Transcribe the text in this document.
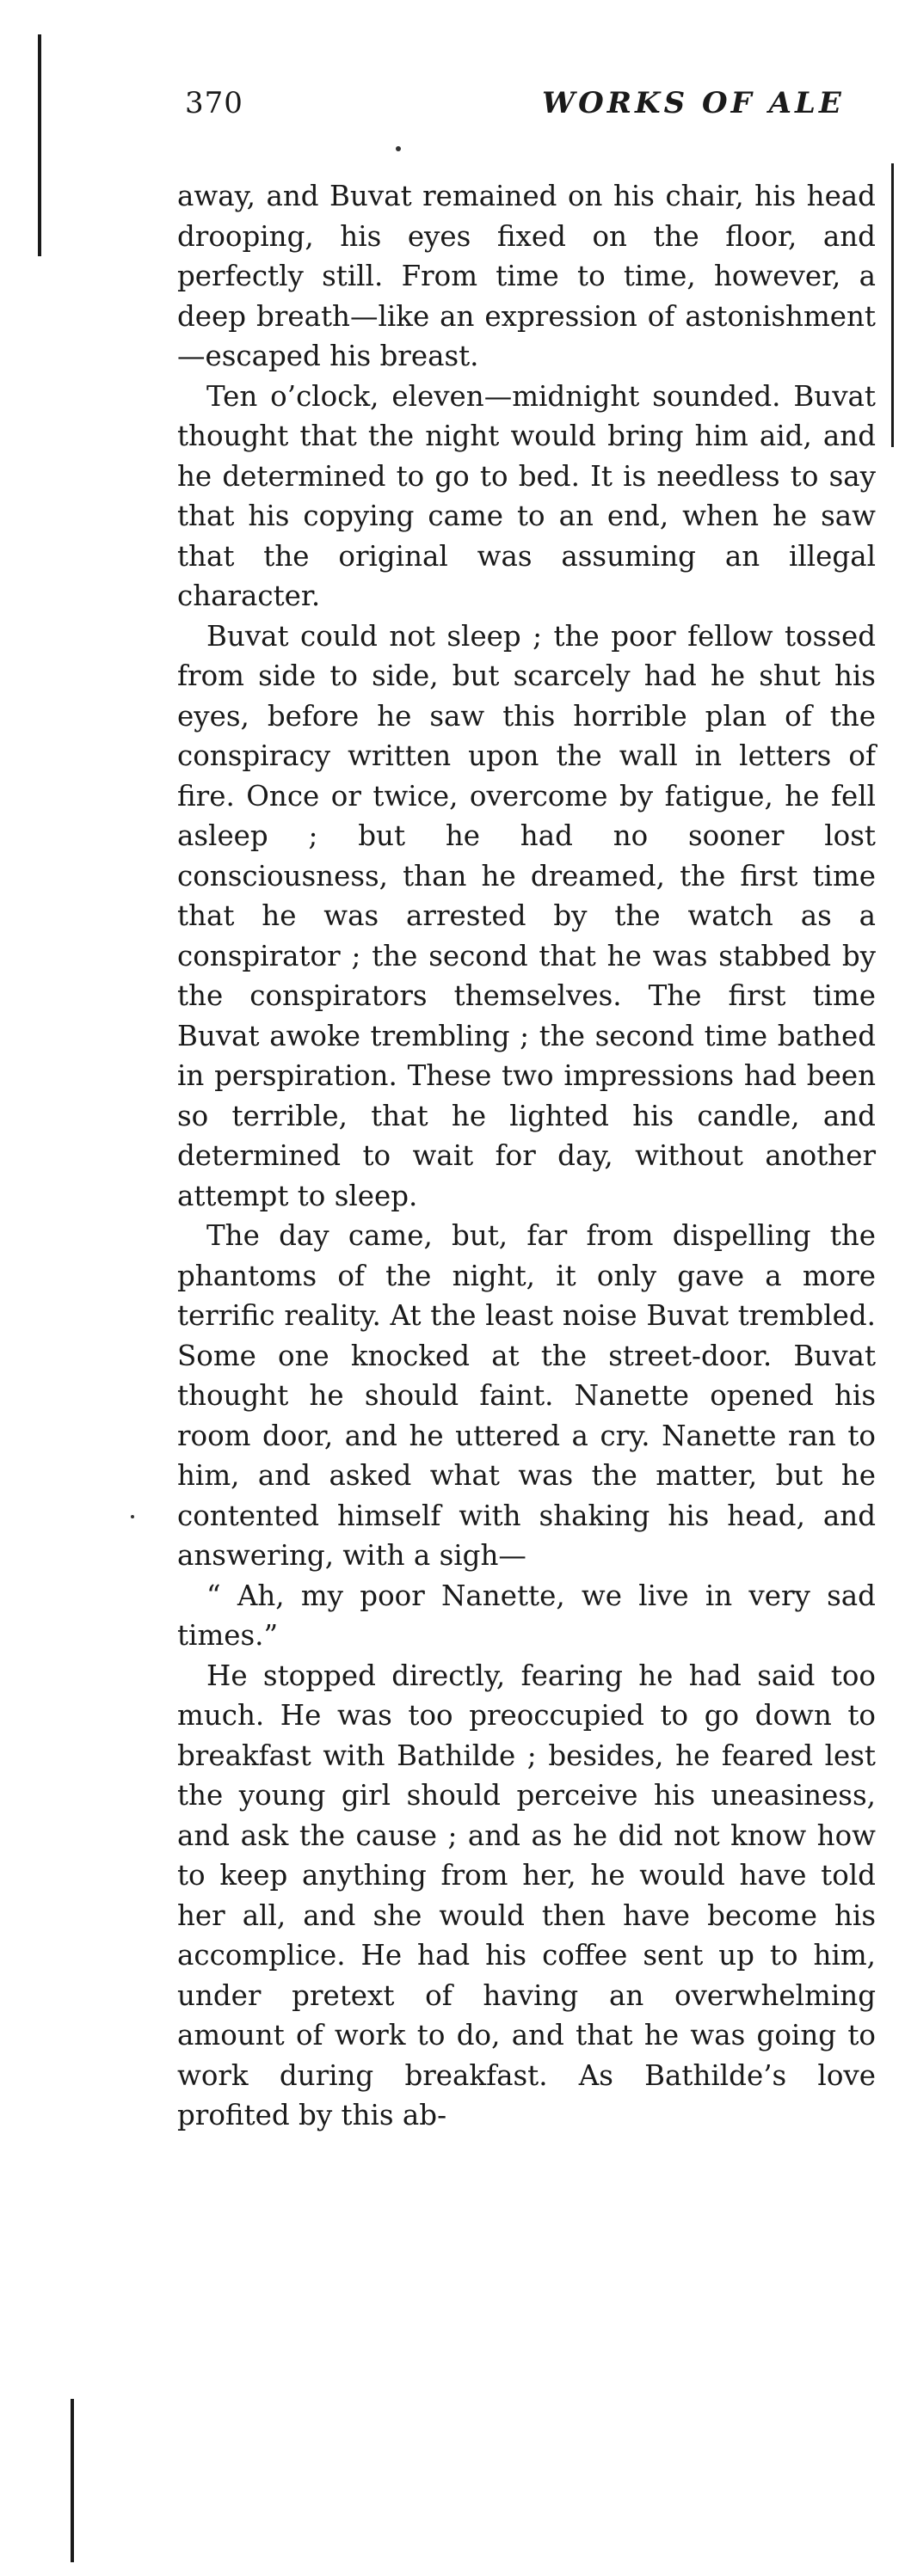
370	WORKS OF ALE

away, and Buvat remained on his chair, his head drooping, his eyes fixed on the floor, and perfectly still. From time to time, however, a deep breath—like an expression of astonishment—escaped his breast.

Ten o’clock, eleven—midnight sounded. Buvat thought that the night would bring him aid, and he determined to go to bed. It is needless to say that his copying came to an end, when he saw that the original was assuming an illegal character.

Buvat could not sleep ; the poor fellow tossed from side to side, but scarcely had he shut his eyes, before he saw this horrible plan of the conspiracy written upon the wall in letters of fire. Once or twice, overcome by fatigue, he fell asleep ; but he had no sooner lost consciousness, than he dreamed, the first time that he was arrested by the watch as a conspirator ; the second that he was stabbed by the conspirators themselves. The first time Buvat awoke trembling ; the second time bathed in perspiration. These two impressions had been so terrible, that he lighted his candle, and determined to wait for day, without another attempt to sleep.

The day came, but, far from dispelling the phantoms of the night, it only gave a more terrific reality. At the least noise Buvat trembled. Some one knocked at the street-door. Buvat thought he should faint. Nanette opened his room door, and he uttered a cry. Nanette ran to him, and asked what was the matter, but he contented himself with shaking his head, and answering, with a sigh—

“ Ah, my poor Nanette, we live in very sad times.”

He stopped directly, fearing he had said too much. He was too preoccupied to go down to breakfast with Bathilde ; besides, he feared lest the young girl should perceive his uneasiness, and ask the cause ; and as he did not know how to keep anything from her, he would have told her all, and she would then have become his accomplice. He had his coffee sent up to him, under pretext of having an overwhelming amount of work to do, and that he was going to work during breakfast. As Bathilde’s love profited by this ab-
